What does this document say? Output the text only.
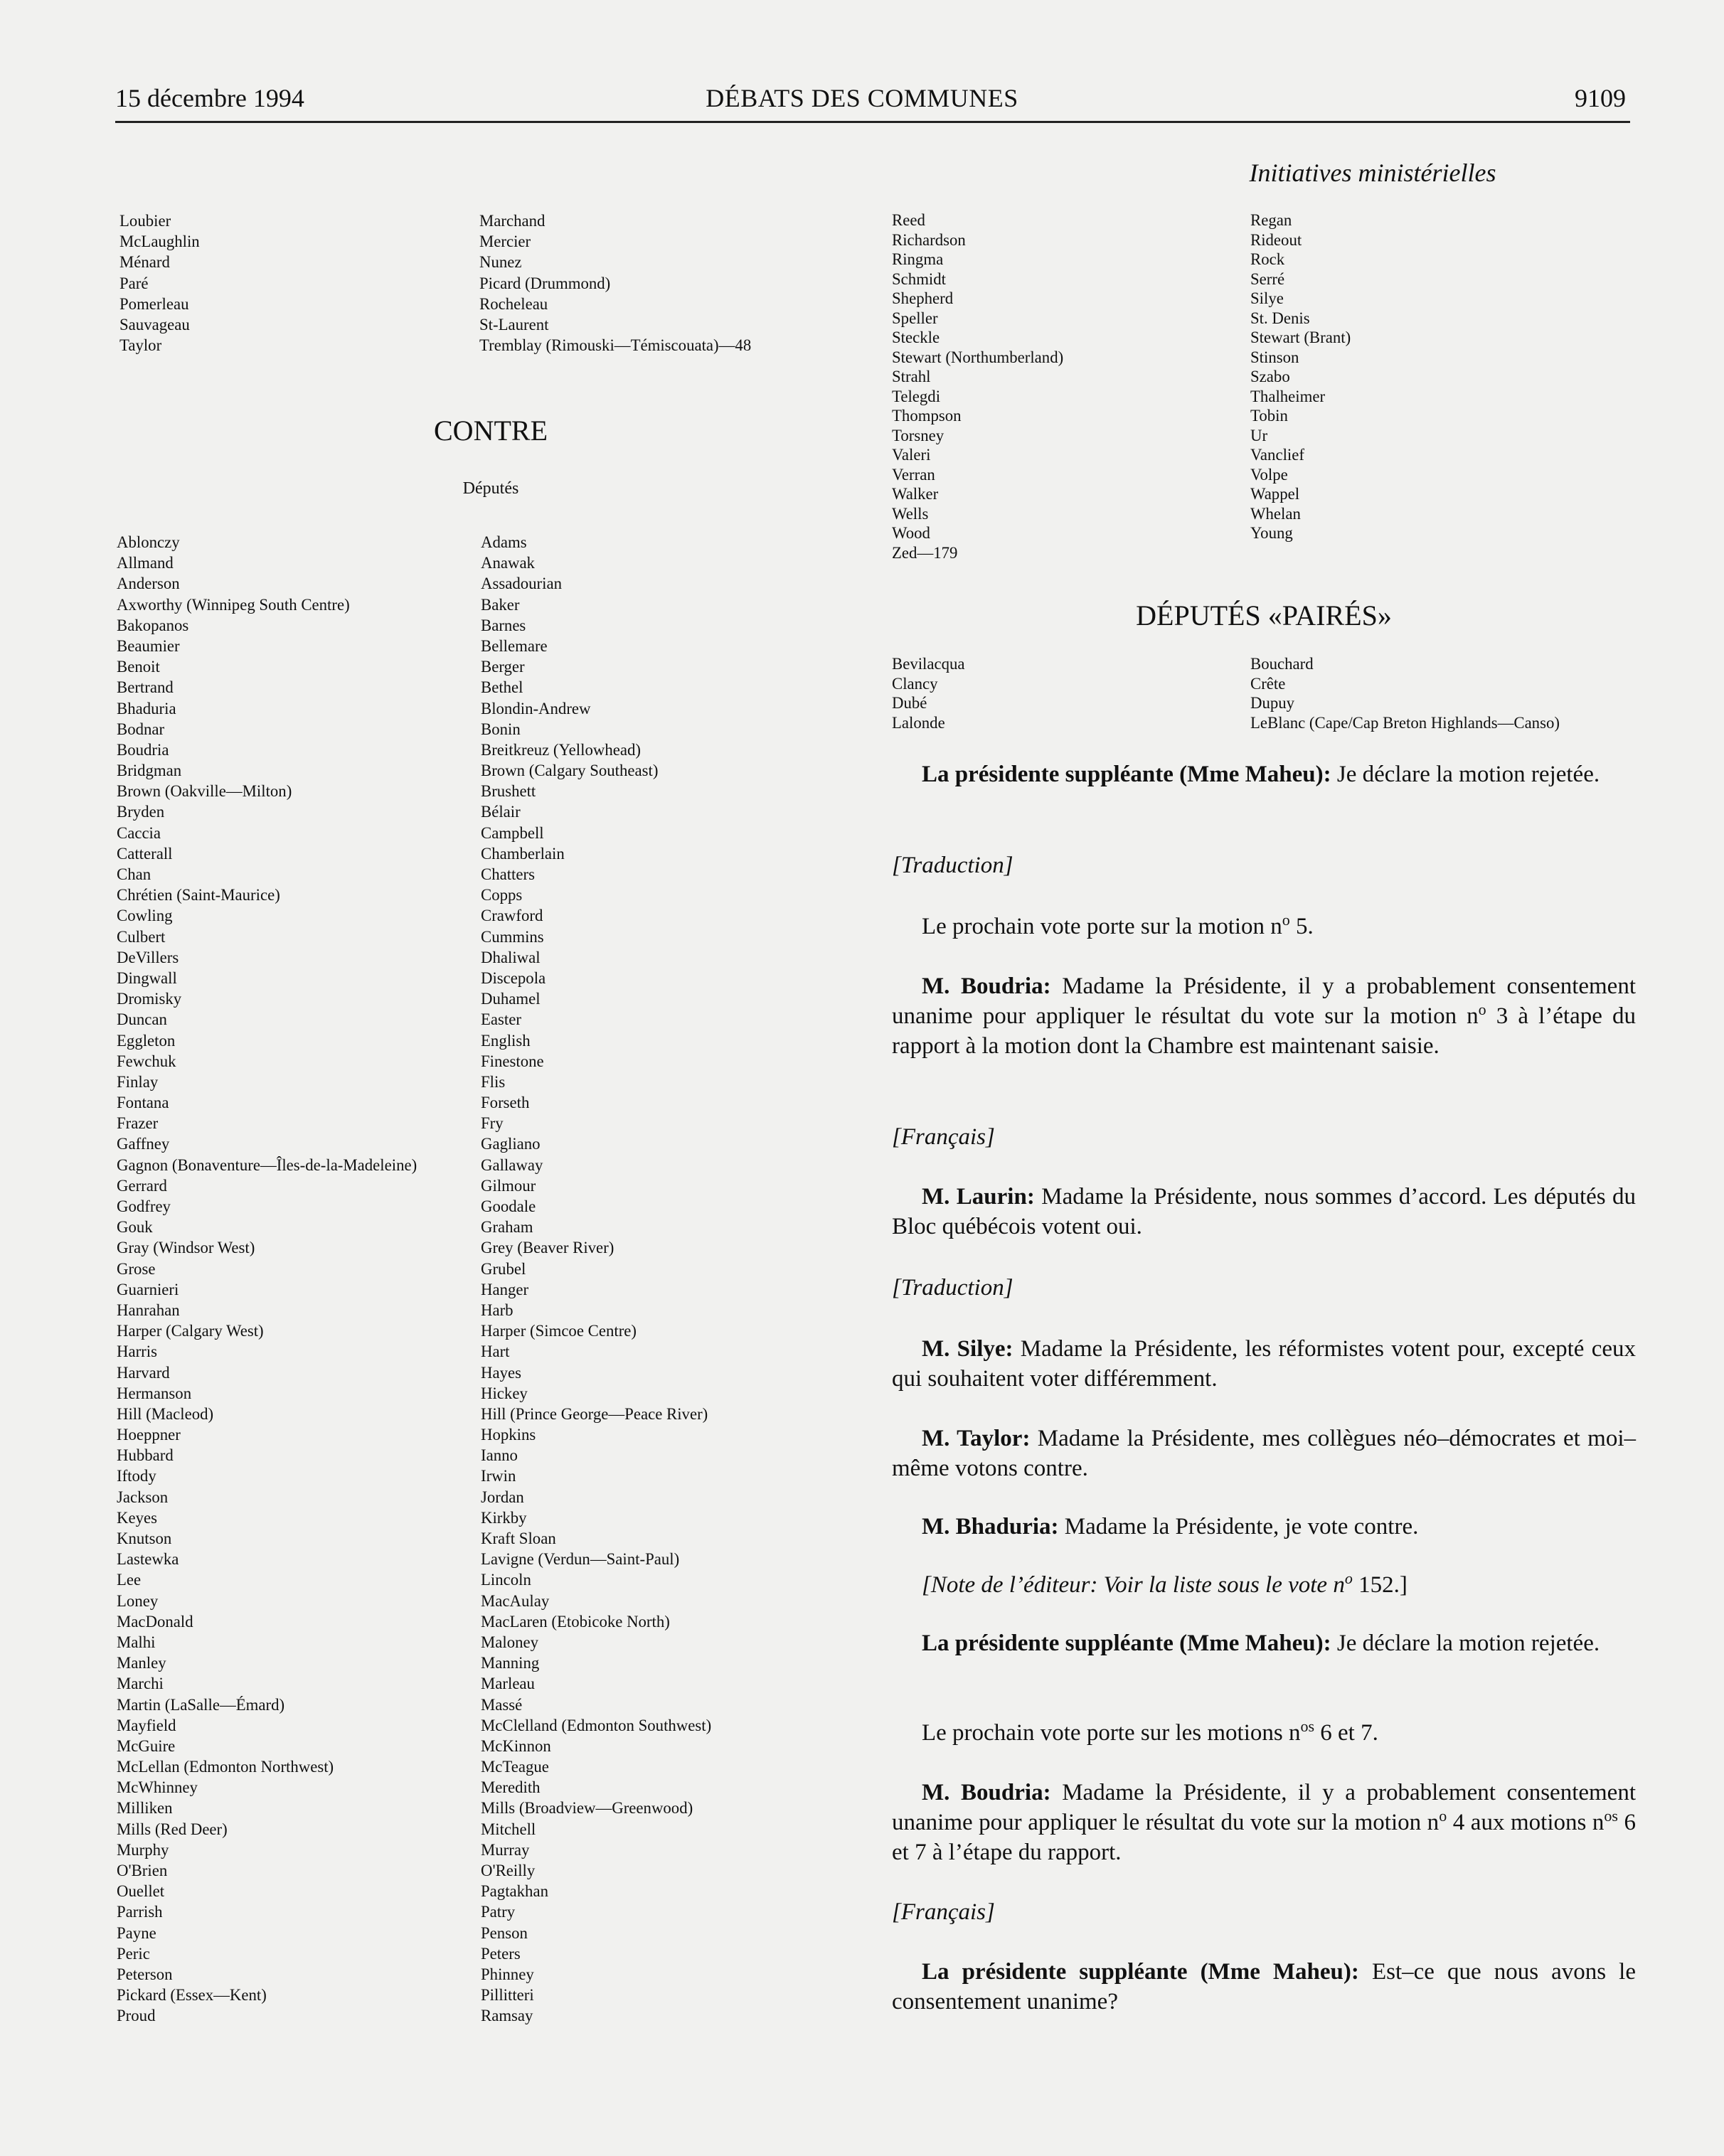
15 décembre 1994	DÉBATS DES COMMUNES	9109
Initiatives ministérielles
Loubier
McLaughlin
Ménard
Paré
Pomerleau
Sauvageau
Taylor
Marchand
Mercier
Nunez
Picard (Drummond)
Rocheleau
St-Laurent
Tremblay (Rimouski—Témiscouata)—48
CONTRE
Députés
Ablonczy
Allmand
Anderson
Axworthy (Winnipeg South Centre)
Bakopanos
Beaumier
Benoit
Bertrand
Bhaduria
Bodnar
Boudria
Bridgman
Brown (Oakville—Milton)
Bryden
Caccia
Catterall
Chan
Chrétien (Saint-Maurice)
Cowling
Culbert
DeVillers
Dingwall
Dromisky
Duncan
Eggleton
Fewchuk
Finlay
Fontana
Frazer
Gaffney
Gagnon (Bonaventure—Îles-de-la-Madeleine)
Gerrard
Godfrey
Gouk
Gray (Windsor West)
Grose
Guarnieri
Hanrahan
Harper (Calgary West)
Harris
Harvard
Hermanson
Hill (Macleod)
Hoeppner
Hubbard
Iftody
Jackson
Keyes
Knutson
Lastewka
Lee
Loney
MacDonald
Malhi
Manley
Marchi
Martin (LaSalle—Émard)
Mayfield
McGuire
McLellan (Edmonton Northwest)
McWhinney
Milliken
Mills (Red Deer)
Murphy
O'Brien
Ouellet
Parrish
Payne
Peric
Peterson
Pickard (Essex—Kent)
Proud
Adams
Anawak
Assadourian
Baker
Barnes
Bellemare
Berger
Bethel
Blondin-Andrew
Bonin
Breitkreuz (Yellowhead)
Brown (Calgary Southeast)
Brushett
Bélair
Campbell
Chamberlain
Chatters
Copps
Crawford
Cummins
Dhaliwal
Discepola
Duhamel
Easter
English
Finestone
Flis
Forseth
Fry
Gagliano
Gallaway
Gilmour
Goodale
Graham
Grey (Beaver River)
Grubel
Hanger
Harb
Harper (Simcoe Centre)
Hart
Hayes
Hickey
Hill (Prince George—Peace River)
Hopkins
Ianno
Irwin
Jordan
Kirkby
Kraft Sloan
Lavigne (Verdun—Saint-Paul)
Lincoln
MacAulay
MacLaren (Etobicoke North)
Maloney
Manning
Marleau
Massé
McClelland (Edmonton Southwest)
McKinnon
McTeague
Meredith
Mills (Broadview—Greenwood)
Mitchell
Murray
O'Reilly
Pagtakhan
Patry
Penson
Peters
Phinney
Pillitteri
Ramsay
Reed
Richardson
Ringma
Schmidt
Shepherd
Speller
Steckle
Stewart (Northumberland)
Strahl
Telegdi
Thompson
Torsney
Valeri
Verran
Walker
Wells
Wood
Zed—179
Regan
Rideout
Rock
Serré
Silye
St. Denis
Stewart (Brant)
Stinson
Szabo
Thalheimer
Tobin
Ur
Vanclief
Volpe
Wappel
Whelan
Young
DÉPUTÉS «PAIRÉS»
Bevilacqua
Clancy
Dubé
Lalonde
Bouchard
Crête
Dupuy
LeBlanc (Cape/Cap Breton Highlands—Canso)

La présidente suppléante (Mme Maheu): Je déclare la motion rejetée.

[Traduction]

Le prochain vote porte sur la motion $n^o$ 5.

M. Boudria: Madame la Présidente, il y a probablement consentement unanime pour appliquer le résultat du vote sur la motion $n^o$ 3 à l’étape du rapport à la motion dont la Chambre est maintenant saisie.

[Français]

M. Laurin: Madame la Présidente, nous sommes d’accord. Les députés du Bloc québécois votent oui.

[Traduction]

M. Silye: Madame la Présidente, les réformistes votent pour, excepté ceux qui souhaitent voter différemment.

M. Taylor: Madame la Présidente, mes collègues néo–démocrates et moi–même votons contre.

M. Bhaduria: Madame la Présidente, je vote contre.

[Note de l’éditeur: Voir la liste sous le vote $n^o$ 152.]

La présidente suppléante (Mme Maheu): Je déclare la motion rejetée.

Le prochain vote porte sur les motions $n^{os}$ 6 et 7.

M. Boudria: Madame la Présidente, il y a probablement consentement unanime pour appliquer le résultat du vote sur la motion $n^o$ 4 aux motions $n^{os}$ 6 et 7 à l’étape du rapport.

[Français]

La présidente suppléante (Mme Maheu): Est–ce que nous avons le consentement unanime?
